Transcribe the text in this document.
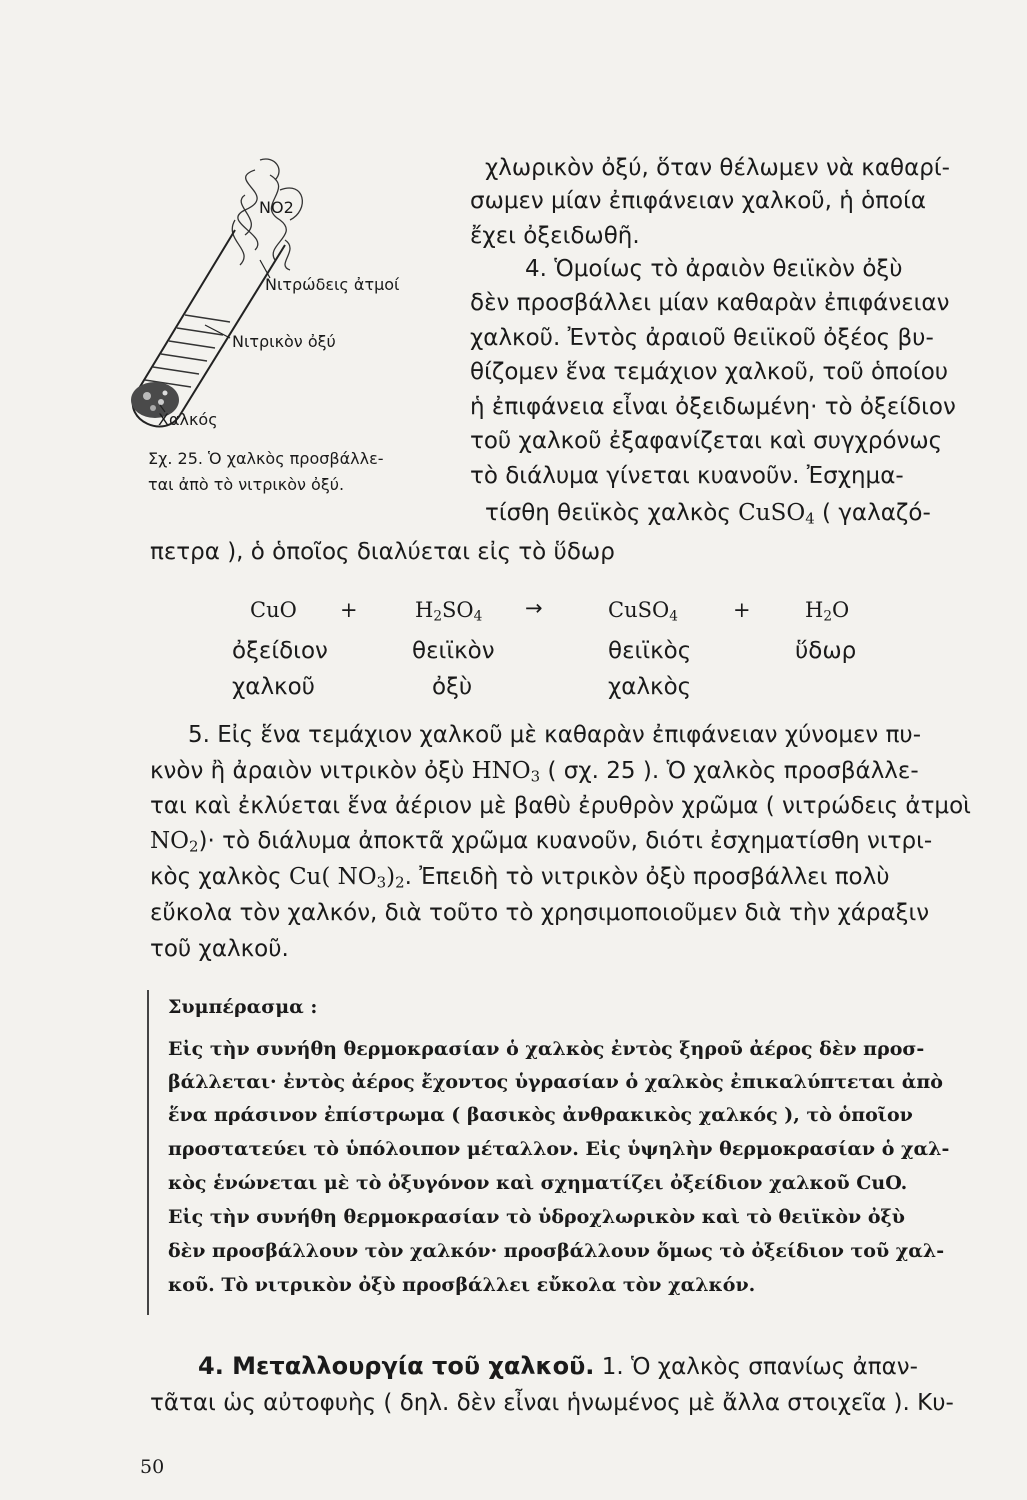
NO2
Νιτρώδεις ἀτμοί
Νιτρικὸν ὀξύ
Χαλκός
Σχ. 25. Ὁ χαλκὸς προσβάλλε-
ται ἀπὸ τὸ νιτρικὸν ὀξύ.
χλωρικὸν ὀξύ, ὅταν θέλωμεν νὰ καθαρί-
σωμεν μίαν ἐπιφάνειαν χαλκοῦ, ἡ ὁποία
ἔχει ὀξειδωθῆ.
4. Ὁμοίως τὸ ἀραιὸν θειϊκὸν ὀξὺ
δὲν προσβάλλει μίαν καθαρὰν ἐπιφάνειαν
χαλκοῦ. Ἐντὸς ἀραιοῦ θειϊκοῦ ὀξέος βυ-
θίζομεν ἕνα τεμάχιον χαλκοῦ, τοῦ ὁποίου
ἡ ἐπιφάνεια εἶναι ὀξειδωμένη· τὸ ὀξείδιον
τοῦ χαλκοῦ ἐξαφανίζεται καὶ συγχρόνως
τὸ διάλυμα γίνεται κυανοῦν. Ἐσχημα-
τίσθη θειϊκὸς χαλκὸς CuSO$_4$ ( γαλαζό-
πετρα ), ὁ ὁποῖος διαλύεται εἰς τὸ ὕδωρ
CuO +	$H_2SO_4$ →	CuSO$_4$	+	$H_2O$
ὀξείδιον	θειϊκὸν	θειϊκὸς	ὕδωρ
χαλκοῦ	ὀξὺ	χαλκὸς
5. Εἰς ἕνα τεμάχιον χαλκοῦ μὲ καθαρὰν ἐπιφάνειαν χύνομεν πυ-
κνὸν ἢ ἀραιὸν νιτρικὸν ὀξὺ $HNO_3$ ( σχ. 25 ). Ὁ χαλκὸς προσβάλλε-
ται καὶ ἐκλύεται ἕνα ἀέριον μὲ βαθὺ ἐρυθρὸν χρῶμα ( νιτρώδεις ἀτμοὶ
$NO_2)\cdot$ τὸ διάλυμα ἀποκτᾶ χρῶμα κυανοῦν, διότι ἐσχηματίσθη νιτρι-
κὸς χαλκὸς Cu( $NO_3)_2$. Ἐπειδὴ τὸ νιτρικὸν ὀξὺ προσβάλλει πολὺ
εὔκολα τὸν χαλκόν, διὰ τοῦτο τὸ χρησιμοποιοῦμεν διὰ τὴν χάραξιν
τοῦ χαλκοῦ.
Συμπέρασμα :
Εἰς τὴν συνήθη θερμοκρασίαν ὁ χαλκὸς ἐντὸς ξηροῦ ἀέρος δὲν προσ-
βάλλεται· ἐντὸς ἀέρος ἔχοντος ὑγρασίαν ὁ χαλκὸς ἐπικαλύπτεται ἀπὸ
ἕνα πράσινον ἐπίστρωμα ( βασικὸς ἀνθρακικὸς χαλκός ), τὸ ὁποῖον
προστατεύει τὸ ὑπόλοιπον μέταλλον. Εἰς ὑψηλὴν θερμοκρασίαν ὁ χαλ-
κὸς ἑνώνεται μὲ τὸ ὀξυγόνον καὶ σχηματίζει ὀξείδιον χαλκοῦ CuO.
Εἰς τὴν συνήθη θερμοκρασίαν τὸ ὑδροχλωρικὸν καὶ τὸ θειϊκὸν ὀξὺ
δὲν προσβάλλουν τὸν χαλκόν· προσβάλλουν ὅμως τὸ ὀξείδιον τοῦ χαλ-
κοῦ. Τὸ νιτρικὸν ὀξὺ προσβάλλει εὔκολα τὸν χαλκόν.
4. Μεταλλουργία τοῦ χαλκοῦ. 1. Ὁ χαλκὸς σπανίως ἀπαν-
τᾶται ὡς αὐτοφυὴς ( δηλ. δὲν εἶναι ἡνωμένος μὲ ἄλλα στοιχεῖα ). Κυ-
50
